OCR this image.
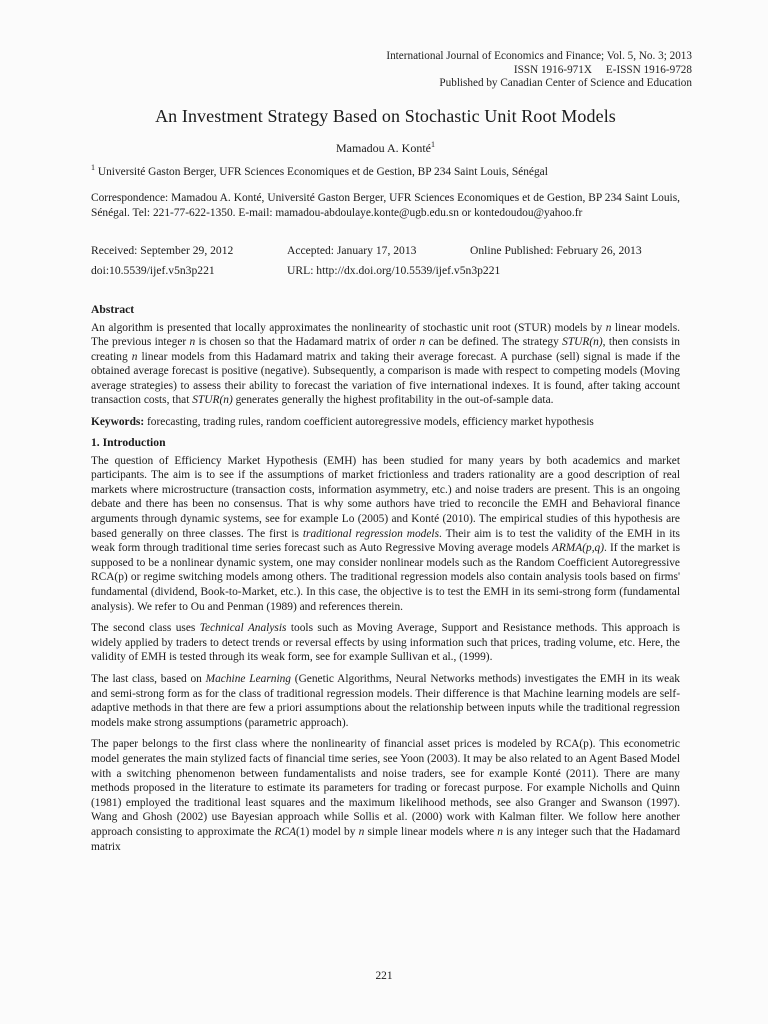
International Journal of Economics and Finance; Vol. 5, No. 3; 2013
ISSN 1916-971X     E-ISSN 1916-9728
Published by Canadian Center of Science and Education
An Investment Strategy Based on Stochastic Unit Root Models
Mamadou A. Konté$^1$
$^1$ Université Gaston Berger, UFR Sciences Economiques et de Gestion, BP 234 Saint Louis, Sénégal
Correspondence: Mamadou A. Konté, Université Gaston Berger, UFR Sciences Economiques et de Gestion, BP 234 Saint Louis, Sénégal. Tel: 221-77-622-1350. E-mail: mamadou-abdoulaye.konte@ugb.edu.sn or kontedoudou@yahoo.fr
Received: September 29, 2012	Accepted: January 17, 2013	Online Published: February 26, 2013
doi:10.5539/ijef.v5n3p221	URL: http://dx.doi.org/10.5539/ijef.v5n3p221
Abstract

An algorithm is presented that locally approximates the nonlinearity of stochastic unit root (STUR) models by n linear models. The previous integer n is chosen so that the Hadamard matrix of order n can be defined. The strategy STUR(n), then consists in creating n linear models from this Hadamard matrix and taking their average forecast. A purchase (sell) signal is made if the obtained average forecast is positive (negative). Subsequently, a comparison is made with respect to competing models (Moving average strategies) to assess their ability to forecast the variation of five international indexes. It is found, after taking account transaction costs, that STUR(n) generates generally the highest profitability in the out-of-sample data.

Keywords: forecasting, trading rules, random coefficient autoregressive models, efficiency market hypothesis
1. Introduction

The question of Efficiency Market Hypothesis (EMH) has been studied for many years by both academics and market participants. The aim is to see if the assumptions of market frictionless and traders rationality are a good description of real markets where microstructure (transaction costs, information asymmetry, etc.) and noise traders are present. This is an ongoing debate and there has been no consensus. That is why some authors have tried to reconcile the EMH and Behavioral finance arguments through dynamic systems, see for example Lo (2005) and Konté (2010). The empirical studies of this hypothesis are based generally on three classes. The first is traditional regression models. Their aim is to test the validity of the EMH in its weak form through traditional time series forecast such as Auto Regressive Moving average models ARMA(p,q). If the market is supposed to be a nonlinear dynamic system, one may consider nonlinear models such as the Random Coefficient Autoregressive RCA(p) or regime switching models among others. The traditional regression models also contain analysis tools based on firms' fundamental (dividend, Book-to-Market, etc.). In this case, the objective is to test the EMH in its semi-strong form (fundamental analysis). We refer to Ou and Penman (1989) and references therein.

The second class uses Technical Analysis tools such as Moving Average, Support and Resistance methods. This approach is widely applied by traders to detect trends or reversal effects by using information such that prices, trading volume, etc. Here, the validity of EMH is tested through its weak form, see for example Sullivan et al., (1999).

The last class, based on Machine Learning (Genetic Algorithms, Neural Networks methods) investigates the EMH in its weak and semi-strong form as for the class of traditional regression models. Their difference is that Machine learning models are self-adaptive methods in that there are few a priori assumptions about the relationship between inputs while the traditional regression models make strong assumptions (parametric approach).

The paper belongs to the first class where the nonlinearity of financial asset prices is modeled by RCA(p). This econometric model generates the main stylized facts of financial time series, see Yoon (2003). It may be also related to an Agent Based Model with a switching phenomenon between fundamentalists and noise traders, see for example Konté (2011). There are many methods proposed in the literature to estimate its parameters for trading or forecast purpose. For example Nicholls and Quinn (1981) employed the traditional least squares and the maximum likelihood methods, see also Granger and Swanson (1997). Wang and Ghosh (2002) use Bayesian approach while Sollis et al. (2000) work with Kalman filter. We follow here another approach consisting to approximate the RCA(1) model by n simple linear models where n is any integer such that the Hadamard matrix

221
